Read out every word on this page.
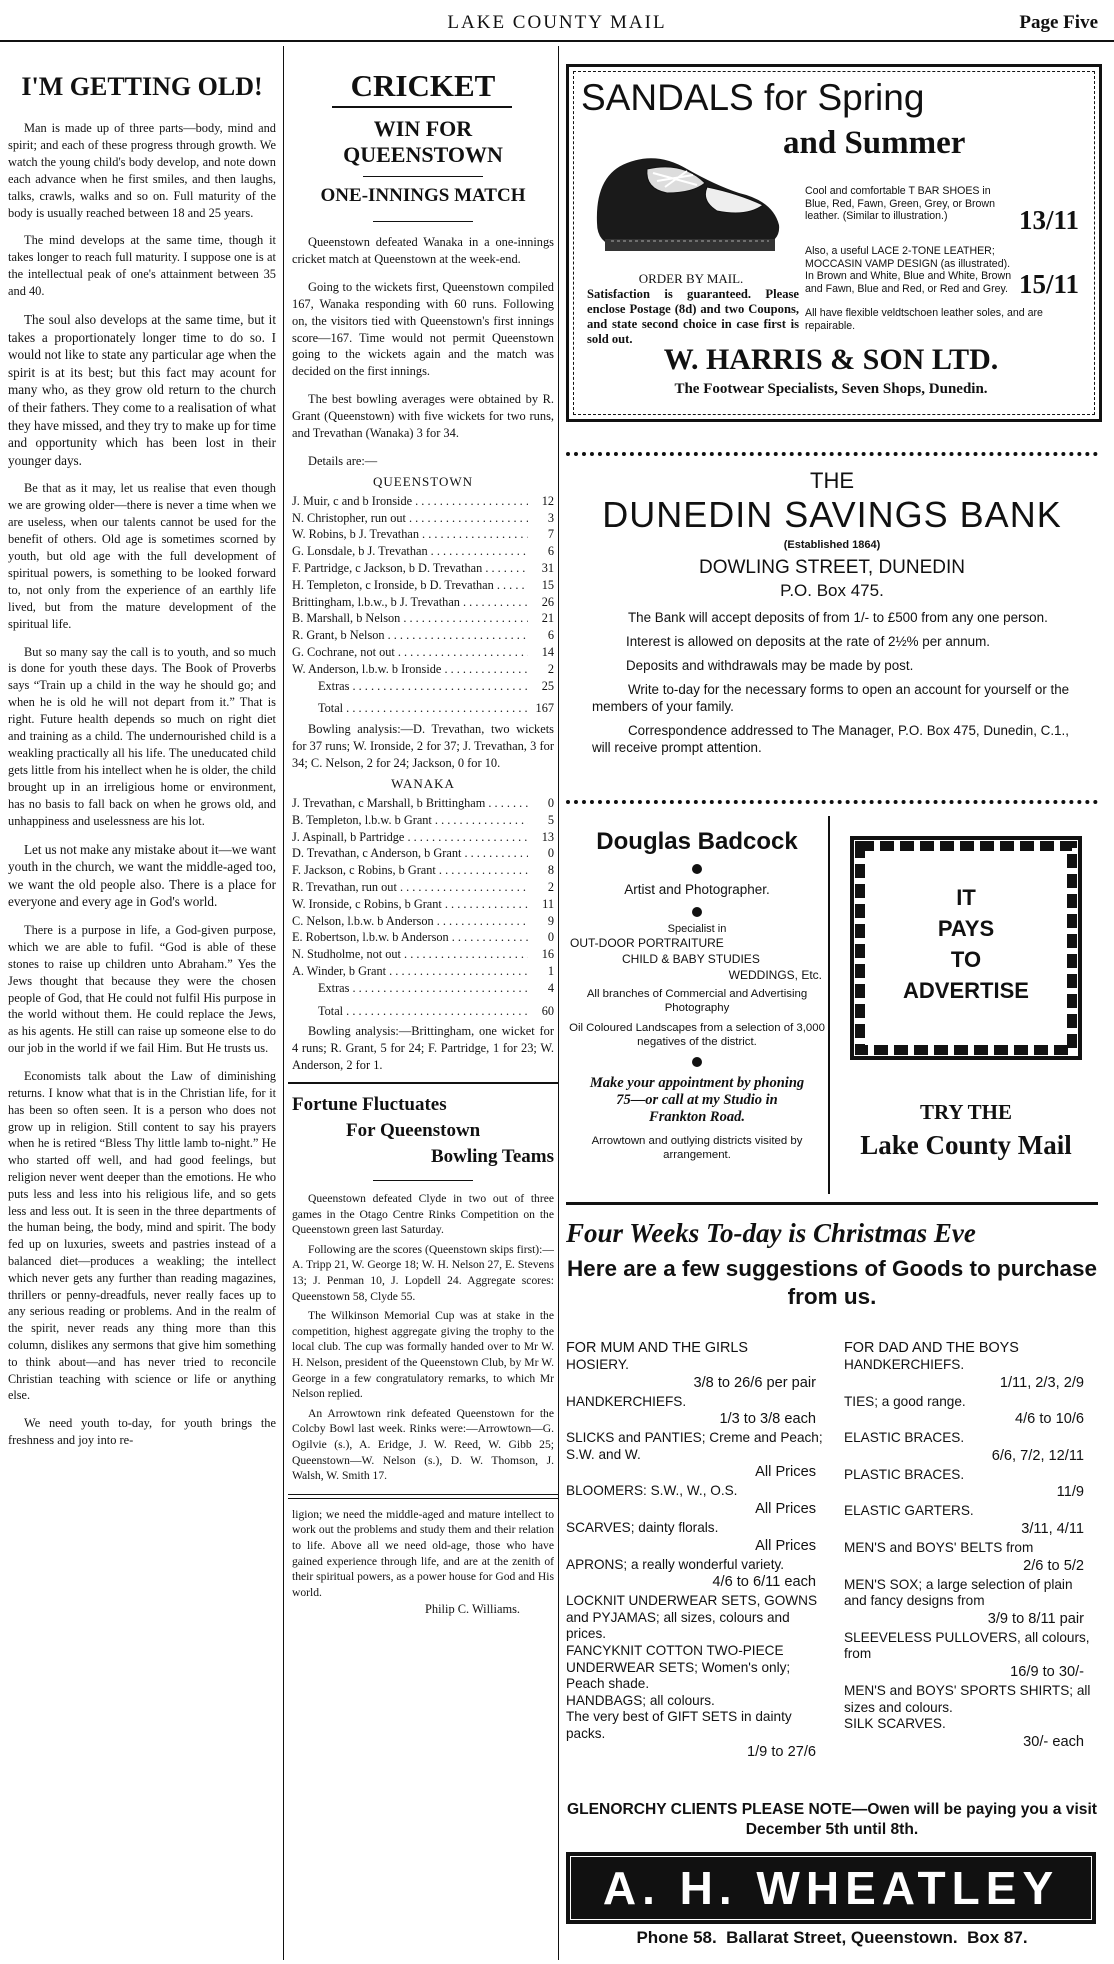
LAKE COUNTY MAIL	Page Five
I'M GETTING OLD!

Man is made up of three parts—body, mind and spirit; and each of these progress through growth. We watch the young child's body develop, and note down each advance when he first smiles, and then laughs, talks, crawls, walks and so on. Full maturity of the body is usually reached between 18 and 25 years.

The mind develops at the same time, though it takes longer to reach full maturity. I suppose one is at the intellectual peak of one's attainment between 35 and 40.

The soul also develops at the same time, but it takes a proportionately longer time to do so. I would not like to state any particular age when the spirit is at its best; but this fact may acount for many who, as they grow old return to the church of their fathers. They come to a realisation of what they have missed, and they try to make up for time and opportunity which has been lost in their younger days.

Be that as it may, let us realise that even though we are growing older—there is never a time when we are useless, when our talents cannot be used for the benefit of others. Old age is sometimes scorned by youth, but old age with the full development of spiritual powers, is something to be looked forward to, not only from the experience of an earthly life lived, but from the mature development of the spiritual life.

But so many say the call is to youth, and so much is done for youth these days. The Book of Proverbs says “Train up a child in the way he should go; and when he is old he will not depart from it.” That is right. Future health depends so much on right diet and training as a child. The undernourished child is a weakling practically all his life. The uneducated child gets little from his intellect when he is older, the child brought up in an irreligious home or environment, has no basis to fall back on when he grows old, and unhappiness and uselessness are his lot.

Let us not make any mistake about it—we want youth in the church, we want the middle-aged too, we want the old people also. There is a place for everyone and every age in God's world.

There is a purpose in life, a God-given purpose, which we are able to fufil. “God is able of these stones to raise up children unto Abraham.” Yes the Jews thought that because they were the chosen people of God, that He could not fulfil His purpose in the world without them. He could replace the Jews, as his agents. He still can raise up someone else to do our job in the world if we fail Him. But He trusts us.

Economists talk about the Law of diminishing returns. I know what that is in the Christian life, for it has been so often seen. It is a person who does not grow up in religion. Still content to say his prayers when he is retired “Bless Thy little lamb to-night.” He who started off well, and had good feelings, but religion never went deeper than the emotions. He who puts less and less into his religious life, and so gets less and less out. It is seen in the three departments of the human being, the body, mind and spirit. The body fed up on luxuries, sweets and pastries instead of a balanced diet—produces a weakling; the intellect which never gets any further than reading magazines, thrillers or penny-dreadfuls, never really faces up to any serious reading or problems. And in the realm of the spirit, never reads any thing more than this column, dislikes any sermons that give him something to think about—and has never tried to reconcile Christian teaching with science or life or anything else.

We need youth to-day, for youth brings the freshness and joy into re-

CRICKET
WIN FOR QUEENSTOWN
ONE-INNINGS MATCH

Queenstown defeated Wanaka in a one-innings cricket match at Queenstown at the week-end.

Going to the wickets first, Queenstown compiled 167, Wanaka responding with 60 runs. Following on, the visitors tied with Queenstown's first innings score—167. Time would not permit Queenstown going to the wickets again and the match was decided on the first innings.

The best bowling averages were obtained by R. Grant (Queenstown) with five wickets for two runs, and Trevathan (Wanaka) 3 for 34.

Details are:—

QUEENSTOWN
J. Muir, c and b Ironside . . .	12
N. Christopher, run out . . .	3
W. Robins, b J. Trevathan . . .	7
G. Lonsdale, b J. Trevathan . . .	6
F. Partridge, c Jackson, b D. Trevathan . . .	31
H. Templeton, c Ironside, b D. Trevathan . . .	15
Brittingham, l.b.w., b J. Trevathan . . .	26
B. Marshall, b Nelson . . .	21
R. Grant, b Nelson . . .	6
G. Cochrane, not out . . .	14
W. Anderson, l.b.w. b Ironside . . .	2
Extras . . .	25
Total . . .	167

Bowling analysis:—D. Trevathan, two wickets for 37 runs; W. Ironside, 2 for 37; J. Trevathan, 3 for 34; C. Nelson, 2 for 24; Jackson, 0 for 10.

WANAKA
J. Trevathan, c Marshall, b Brittingham . . .	0
B. Templeton, l.b.w. b Grant . . .	5
J. Aspinall, b Partridge . . .	13
D. Trevathan, c Anderson, b Grant . . .	0
F. Jackson, c Robins, b Grant . . .	8
R. Trevathan, run out . . .	2
W. Ironside, c Robins, b Grant . . .	11
C. Nelson, l.b.w. b Anderson . . .	9
E. Robertson, l.b.w. b Anderson . . .	0
N. Studholme, not out . . .	16
A. Winder, b Grant . . .	1
Extras . . .	4
Total . . .	60

Bowling analysis:—Brittingham, one wicket for 4 runs; R. Grant, 5 for 24; F. Partridge, 1 for 23; W. Anderson, 2 for 1.

Fortune Fluctuates
For Queenstown
Bowling Teams

Queenstown defeated Clyde in two out of three games in the Otago Centre Rinks Competition on the Queenstown green last Saturday.

Following are the scores (Queenstown skips first):—A. Tripp 21, W. George 18; W. H. Nelson 27, E. Stevens 13; J. Penman 10, J. Lopdell 24. Aggregate scores: Queenstown 58, Clyde 55.

The Wilkinson Memorial Cup was at stake in the competition, highest aggregate giving the trophy to the local club. The cup was formally handed over to Mr W. H. Nelson, president of the Queenstown Club, by Mr W. George in a few congratulatory remarks, to which Mr Nelson replied.

An Arrowtown rink defeated Queenstown for the Colcby Bowl last week. Rinks were:—Arrowtown—G. Ogilvie (s.), A. Eridge, J. W. Reed, W. Gibb 25; Queenstown—W. Nelson (s.), D. W. Thomson, J. Walsh, W. Smith 17.

ligion; we need the middle-aged and mature intellect to work out the problems and study them and their relation to life. Above all we need old-age, those who have gained experience through life, and are at the zenith of their spiritual powers, as a power house for God and His world.

Philip C. Williams.
SANDALS for Spring
and Summer
ORDER BY MAIL.
Satisfaction is guaranteed. Please enclose Postage (8d) and two Coupons, and state second choice in case first is sold out.
Cool and comfortable T BAR SHOES in Blue, Red, Fawn, Green, Grey, or Brown leather. (Similar to illustration.)	13/11
Also, a useful LACE 2-TONE LEATHER; MOCCASIN VAMP DESIGN (as illustrated). In Brown and White, Blue and White, Brown and Fawn, Blue and Red, or Red and Grey. 15/11
All have flexible veldtschoen leather soles, and are repairable.
W. HARRIS & SON LTD.
The Footwear Specialists, Seven Shops, Dunedin.
THE
DUNEDIN SAVINGS BANK
(Established 1864)
DOWLING STREET, DUNEDIN
P.O. Box 475.
The Bank will accept deposits of from 1/- to £500 from any one person.
Interest is allowed on deposits at the rate of 2½% per annum.
Deposits and withdrawals may be made by post.
Write to-day for the necessary forms to open an account for yourself or the members of your family.
Correspondence addressed to The Manager, P.O. Box 475, Dunedin, C.1., will receive prompt attention.
Douglas Badcock
Artist and Photographer.
Specialist in
OUT-DOOR PORTRAITURE
CHILD & BABY STUDIES
WEDDINGS, Etc.
All branches of Commercial and Advertising Photography
Oil Coloured Landscapes from a selection of 3,000 negatives of the district.
Make your appointment by phoning 75—or call at my Studio in Frankton Road.
Arrowtown and outlying districts visited by arrangement.
IT
PAYS
TO
ADVERTISE
TRY THE
Lake County Mail
Four Weeks To-day is Christmas Eve
Here are a few suggestions of Goods to purchase from us.
FOR MUM AND THE GIRLS
HOSIERY.
3/8 to 26/6 per pair
HANDKERCHIEFS.
1/3 to 3/8 each
SLICKS and PANTIES; Creme and Peach; S.W. and W.
All Prices
BLOOMERS: S.W., W., O.S.
All Prices
SCARVES; dainty florals.
All Prices
APRONS; a really wonderful variety.
4/6 to 6/11 each
LOCKNIT UNDERWEAR SETS, GOWNS and PYJAMAS; all sizes, colours and prices.
FANCYKNIT COTTON TWO-PIECE UNDERWEAR SETS; Women's only; Peach shade.
HANDBAGS; all colours.
The very best of GIFT SETS in dainty packs.
1/9 to 27/6
FOR DAD AND THE BOYS
HANDKERCHIEFS.
1/11, 2/3, 2/9
TIES; a good range.
4/6 to 10/6
ELASTIC BRACES.
6/6, 7/2, 12/11
PLASTIC BRACES.
11/9
ELASTIC GARTERS.
3/11, 4/11
MEN'S and BOYS' BELTS from
2/6 to 5/2
MEN'S SOX; a large selection of plain and fancy designs from
3/9 to 8/11 pair
SLEEVELESS PULLOVERS, all colours, from
16/9 to 30/-
MEN'S and BOYS' SPORTS SHIRTS; all sizes and colours.
SILK SCARVES.
30/- each
GLENORCHY CLIENTS PLEASE NOTE—Owen will be paying you a visit December 5th until 8th.
A. H. WHEATLEY
Phone 58.  Ballarat Street, Queenstown.  Box 87.
